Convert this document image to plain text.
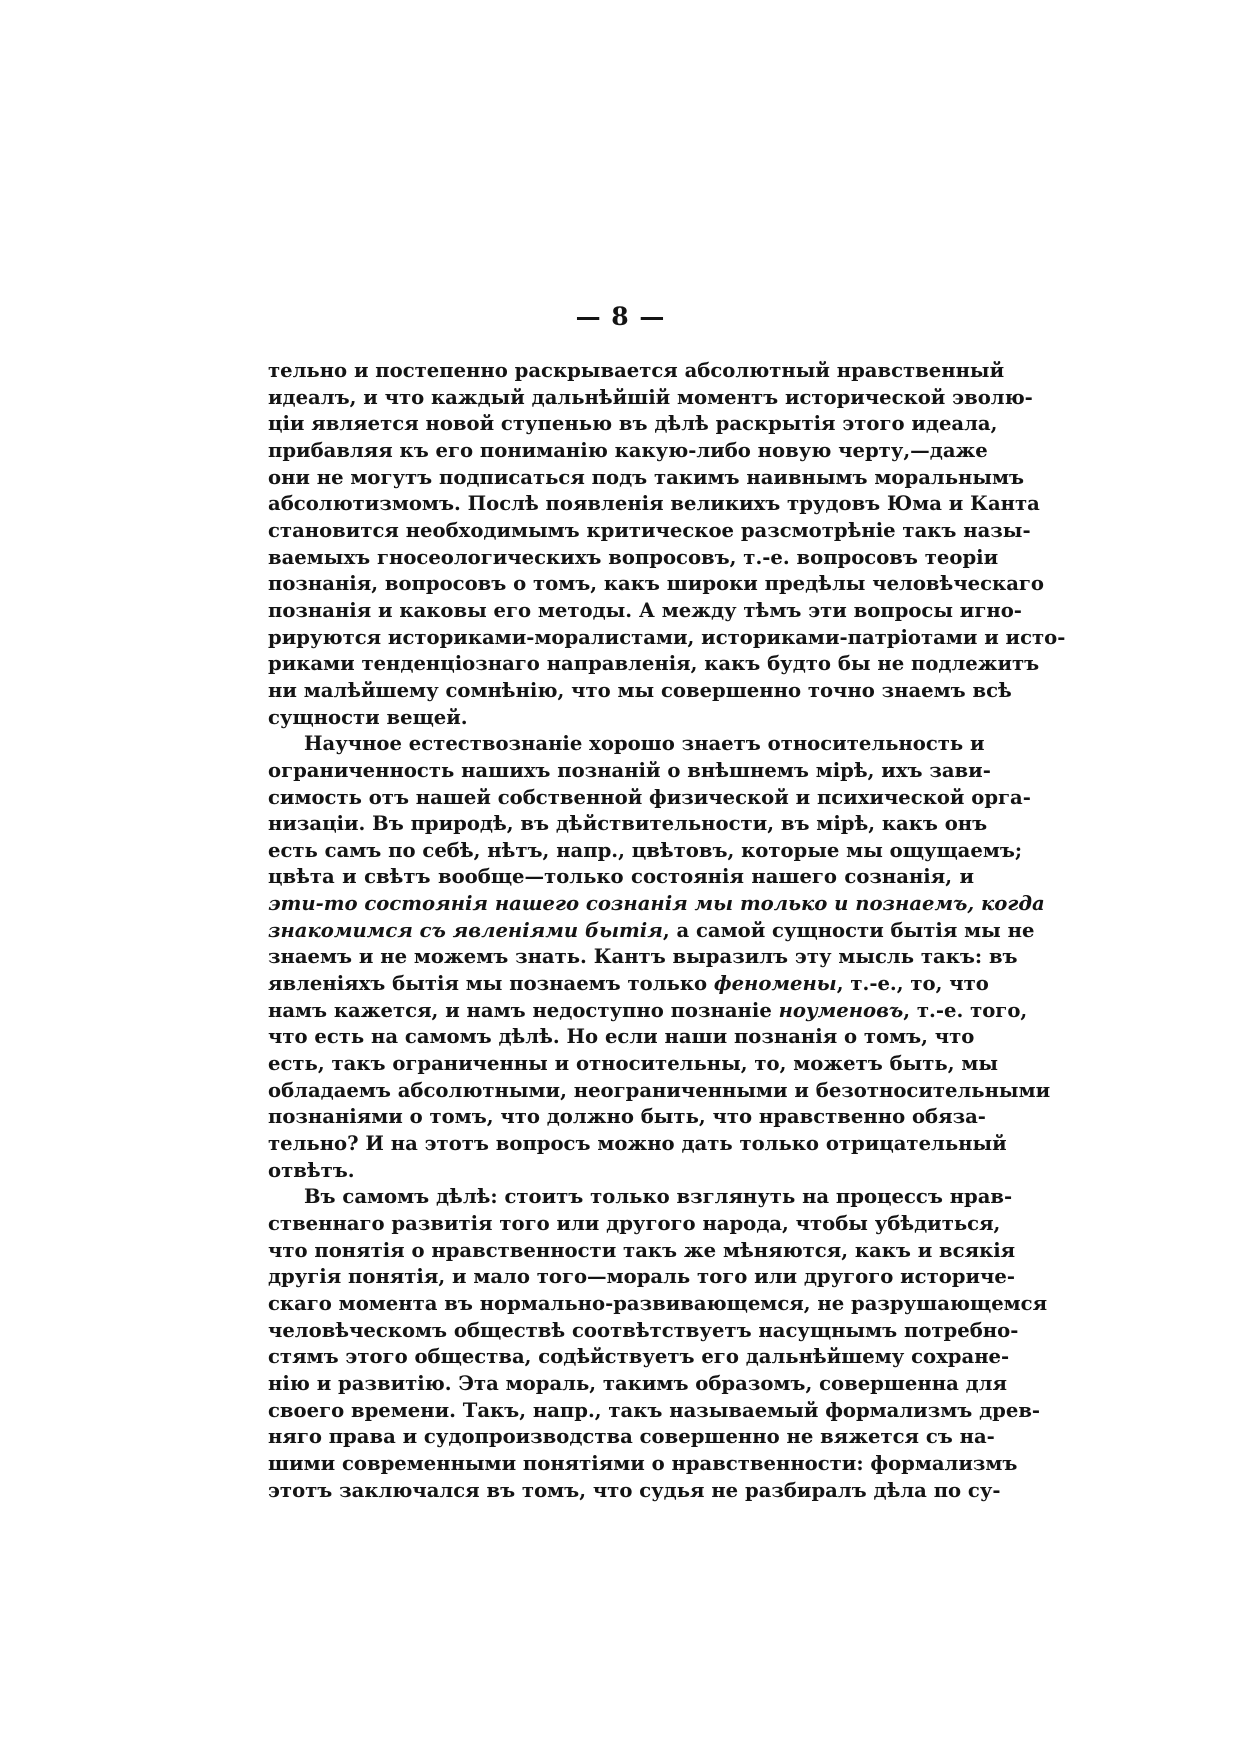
— 8 —
тельно и постепенно раскрывается абсолютный нравственный
идеалъ, и что каждый дальнѣйшій моментъ исторической эволю-
ціи является новой ступенью въ дѣлѣ раскрытія этого идеала,
прибавляя къ его пониманію какую-либо новую черту,—даже
они не могутъ подписаться подъ такимъ наивнымъ моральнымъ
абсолютизмомъ. Послѣ появленія великихъ трудовъ Юма и Канта
становится необходимымъ критическое разсмотрѣніе такъ назы-
ваемыхъ гносеологическихъ вопросовъ, т.-е. вопросовъ теоріи
познанія, вопросовъ о томъ, какъ широки предѣлы человѣческаго
познанія и каковы его методы. А между тѣмъ эти вопросы игно-
рируются историками-моралистами, историками-патріотами и исто-
риками тенденціознаго направленія, какъ будто бы не подлежитъ
ни малѣйшему сомнѣнію, что мы совершенно точно знаемъ всѣ
сущности вещей.
Научное естествознаніе хорошо знаетъ относительность и
ограниченность нашихъ познаній о внѣшнемъ мірѣ, ихъ зави-
симость отъ нашей собственной физической и психической орга-
низаціи. Въ природѣ, въ дѣйствительности, въ мірѣ, какъ онъ
есть самъ по себѣ, нѣтъ, напр., цвѣтовъ, которые мы ощущаемъ;
цвѣта и свѣтъ вообще—только состоянія нашего сознанія, и
эти-то состоянія нашего сознанія мы только и познаемъ, когда
знакомимся съ явленіями бытія, а самой сущности бытія мы не
знаемъ и не можемъ знать. Кантъ выразилъ эту мысль такъ: въ
явленіяхъ бытія мы познаемъ только феномены, т.-е., то, что
намъ кажется, и намъ недоступно познаніе ноуменовъ, т.-е. того,
что есть на самомъ дѣлѣ. Но если наши познанія о томъ, что
есть, такъ ограниченны и относительны, то, можетъ быть, мы
обладаемъ абсолютными, неограниченными и безотносительными
познаніями о томъ, что должно быть, что нравственно обяза-
тельно? И на этотъ вопросъ можно дать только отрицательный
отвѣтъ.
Въ самомъ дѣлѣ: стоитъ только взглянуть на процессъ нрав-
ственнаго развитія того или другого народа, чтобы убѣдиться,
что понятія о нравственности такъ же мѣняются, какъ и всякія
другія понятія, и мало того—мораль того или другого историче-
скаго момента въ нормально-развивающемся, не разрушающемся
человѣческомъ обществѣ соотвѣтствуетъ насущнымъ потребно-
стямъ этого общества, содѣйствуетъ его дальнѣйшему сохране-
нію и развитію. Эта мораль, такимъ образомъ, совершенна для
своего времени. Такъ, напр., такъ называемый формализмъ древ-
няго права и судопроизводства совершенно не вяжется съ на-
шими современными понятіями о нравственности: формализмъ
этотъ заключался въ томъ, что судья не разбиралъ дѣла по су-
